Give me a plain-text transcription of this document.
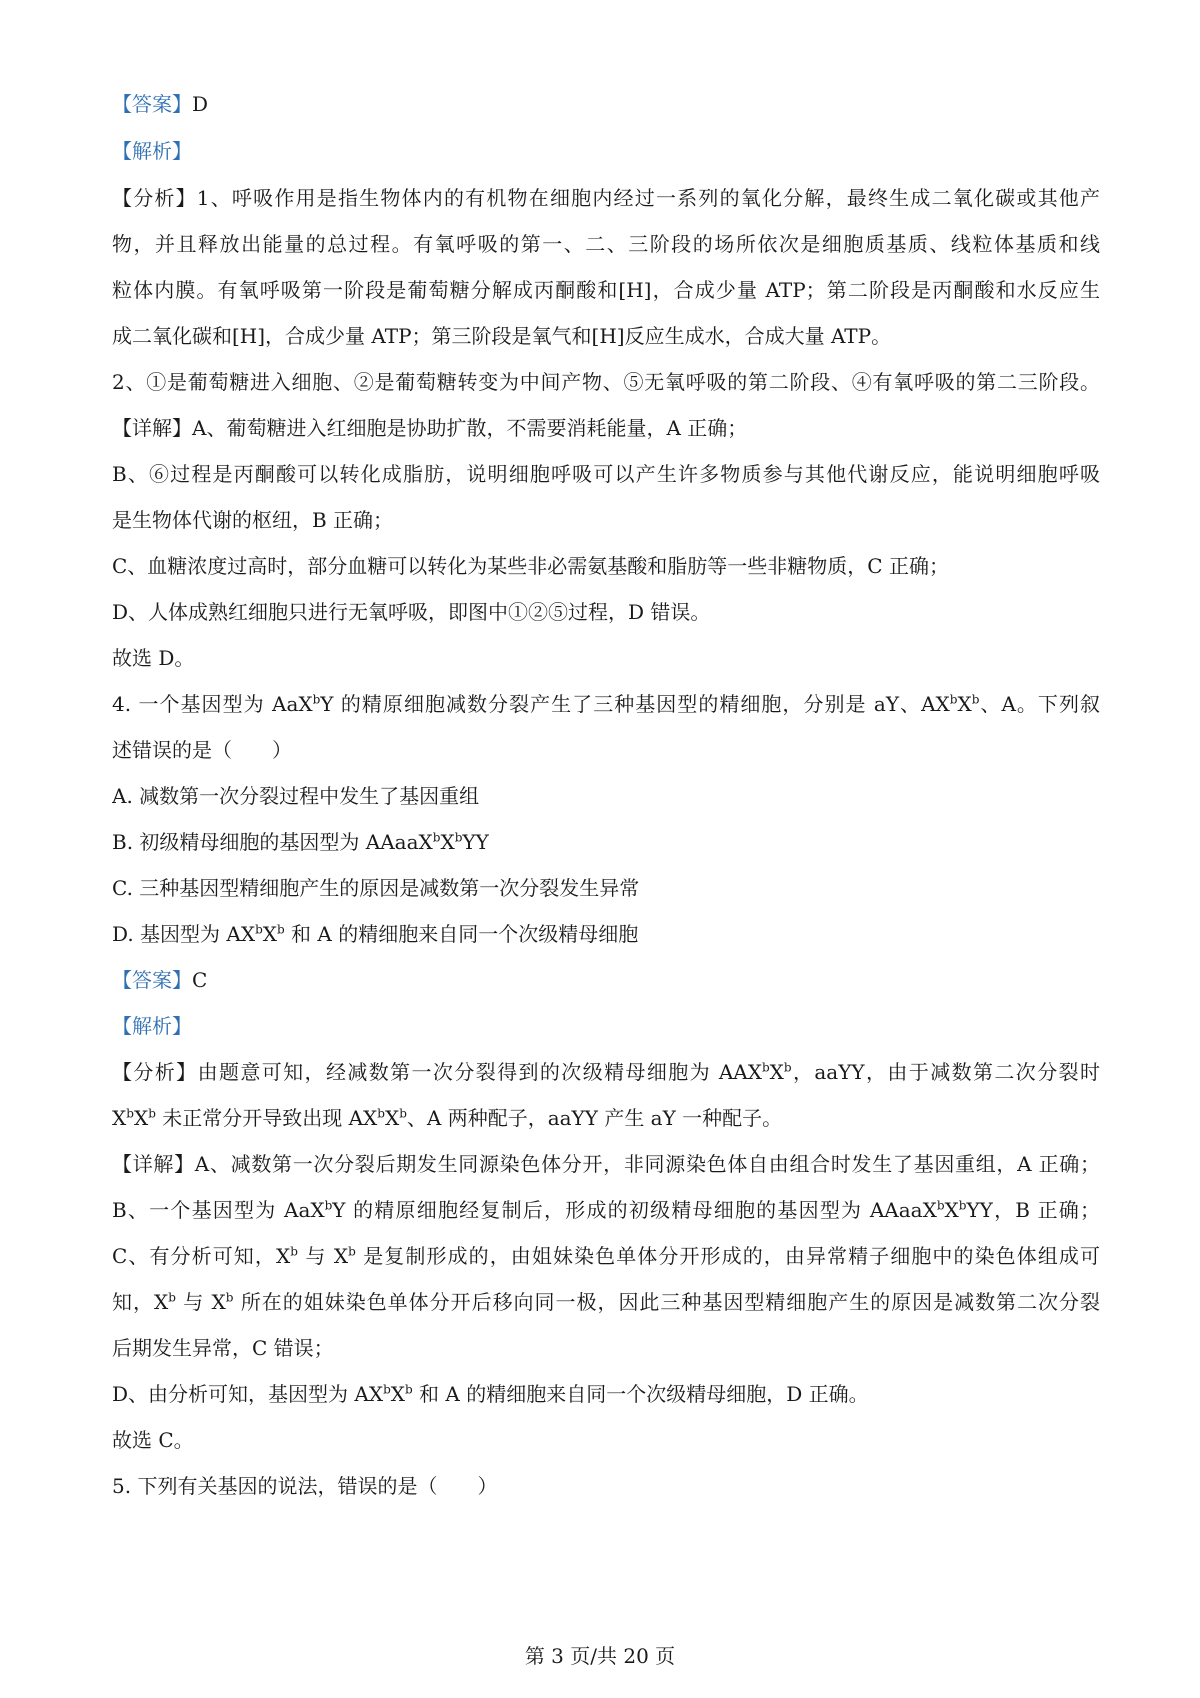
【答案】D
【解析】
【分析】1、呼吸作用是指生物体内的有机物在细胞内经过一系列的氧化分解，最终生成二氧化碳或其他产
物，并且释放出能量的总过程。有氧呼吸的第一、二、三阶段的场所依次是细胞质基质、线粒体基质和线
粒体内膜。有氧呼吸第一阶段是葡萄糖分解成丙酮酸和[H]，合成少量 ATP；第二阶段是丙酮酸和水反应生
成二氧化碳和[H]，合成少量 ATP；第三阶段是氧气和[H]反应生成水，合成大量 ATP。
2、①是葡萄糖进入细胞、②是葡萄糖转变为中间产物、⑤无氧呼吸的第二阶段、④有氧呼吸的第二三阶段。
【详解】A、葡萄糖进入红细胞是协助扩散，不需要消耗能量，A 正确；
B、⑥过程是丙酮酸可以转化成脂肪，说明细胞呼吸可以产生许多物质参与其他代谢反应，能说明细胞呼吸
是生物体代谢的枢纽，B 正确；
C、血糖浓度过高时，部分血糖可以转化为某些非必需氨基酸和脂肪等一些非糖物质，C 正确；
D、人体成熟红细胞只进行无氧呼吸，即图中①②⑤过程，D 错误。
故选 D。
4. 一个基因型为 AaX$^b$Y 的精原细胞减数分裂产生了三种基因型的精细胞，分别是 aY、$AX^bX^b$、A。下列叙
述错误的是（　　）
A. 减数第一次分裂过程中发生了基因重组
B. 初级精母细胞的基因型为 $AAaaX^bX^bYY$
C. 三种基因型精细胞产生的原因是减数第一次分裂发生异常
D. 基因型为 $AX^bX^b$ 和 A 的精细胞来自同一个次级精母细胞
【答案】C
【解析】
【分析】由题意可知，经减数第一次分裂得到的次级精母细胞为 $AAX^bX^b$，aaYY，由于减数第二次分裂时
$X^bX^b$ 未正常分开导致出现 $AX^bX^b$、A 两种配子，aaYY 产生 aY 一种配子。
【详解】A、减数第一次分裂后期发生同源染色体分开，非同源染色体自由组合时发生了基因重组，A 正确；
B、一个基因型为 AaX$^b$Y 的精原细胞经复制后，形成的初级精母细胞的基因型为 $AAaaX^bX^bYY$，B 正确；
C、有分析可知，$X^b$ 与 $X^b$ 是复制形成的，由姐妹染色单体分开形成的，由异常精子细胞中的染色体组成可
知，$X^b$ 与 $X^b$ 所在的姐妹染色单体分开后移向同一极，因此三种基因型精细胞产生的原因是减数第二次分裂
后期发生异常，C 错误；
D、由分析可知，基因型为 $AX^bX^b$ 和 A 的精细胞来自同一个次级精母细胞，D 正确。
故选 C。
5. 下列有关基因的说法，错误的是（　　）
第 3 页/共 20 页
